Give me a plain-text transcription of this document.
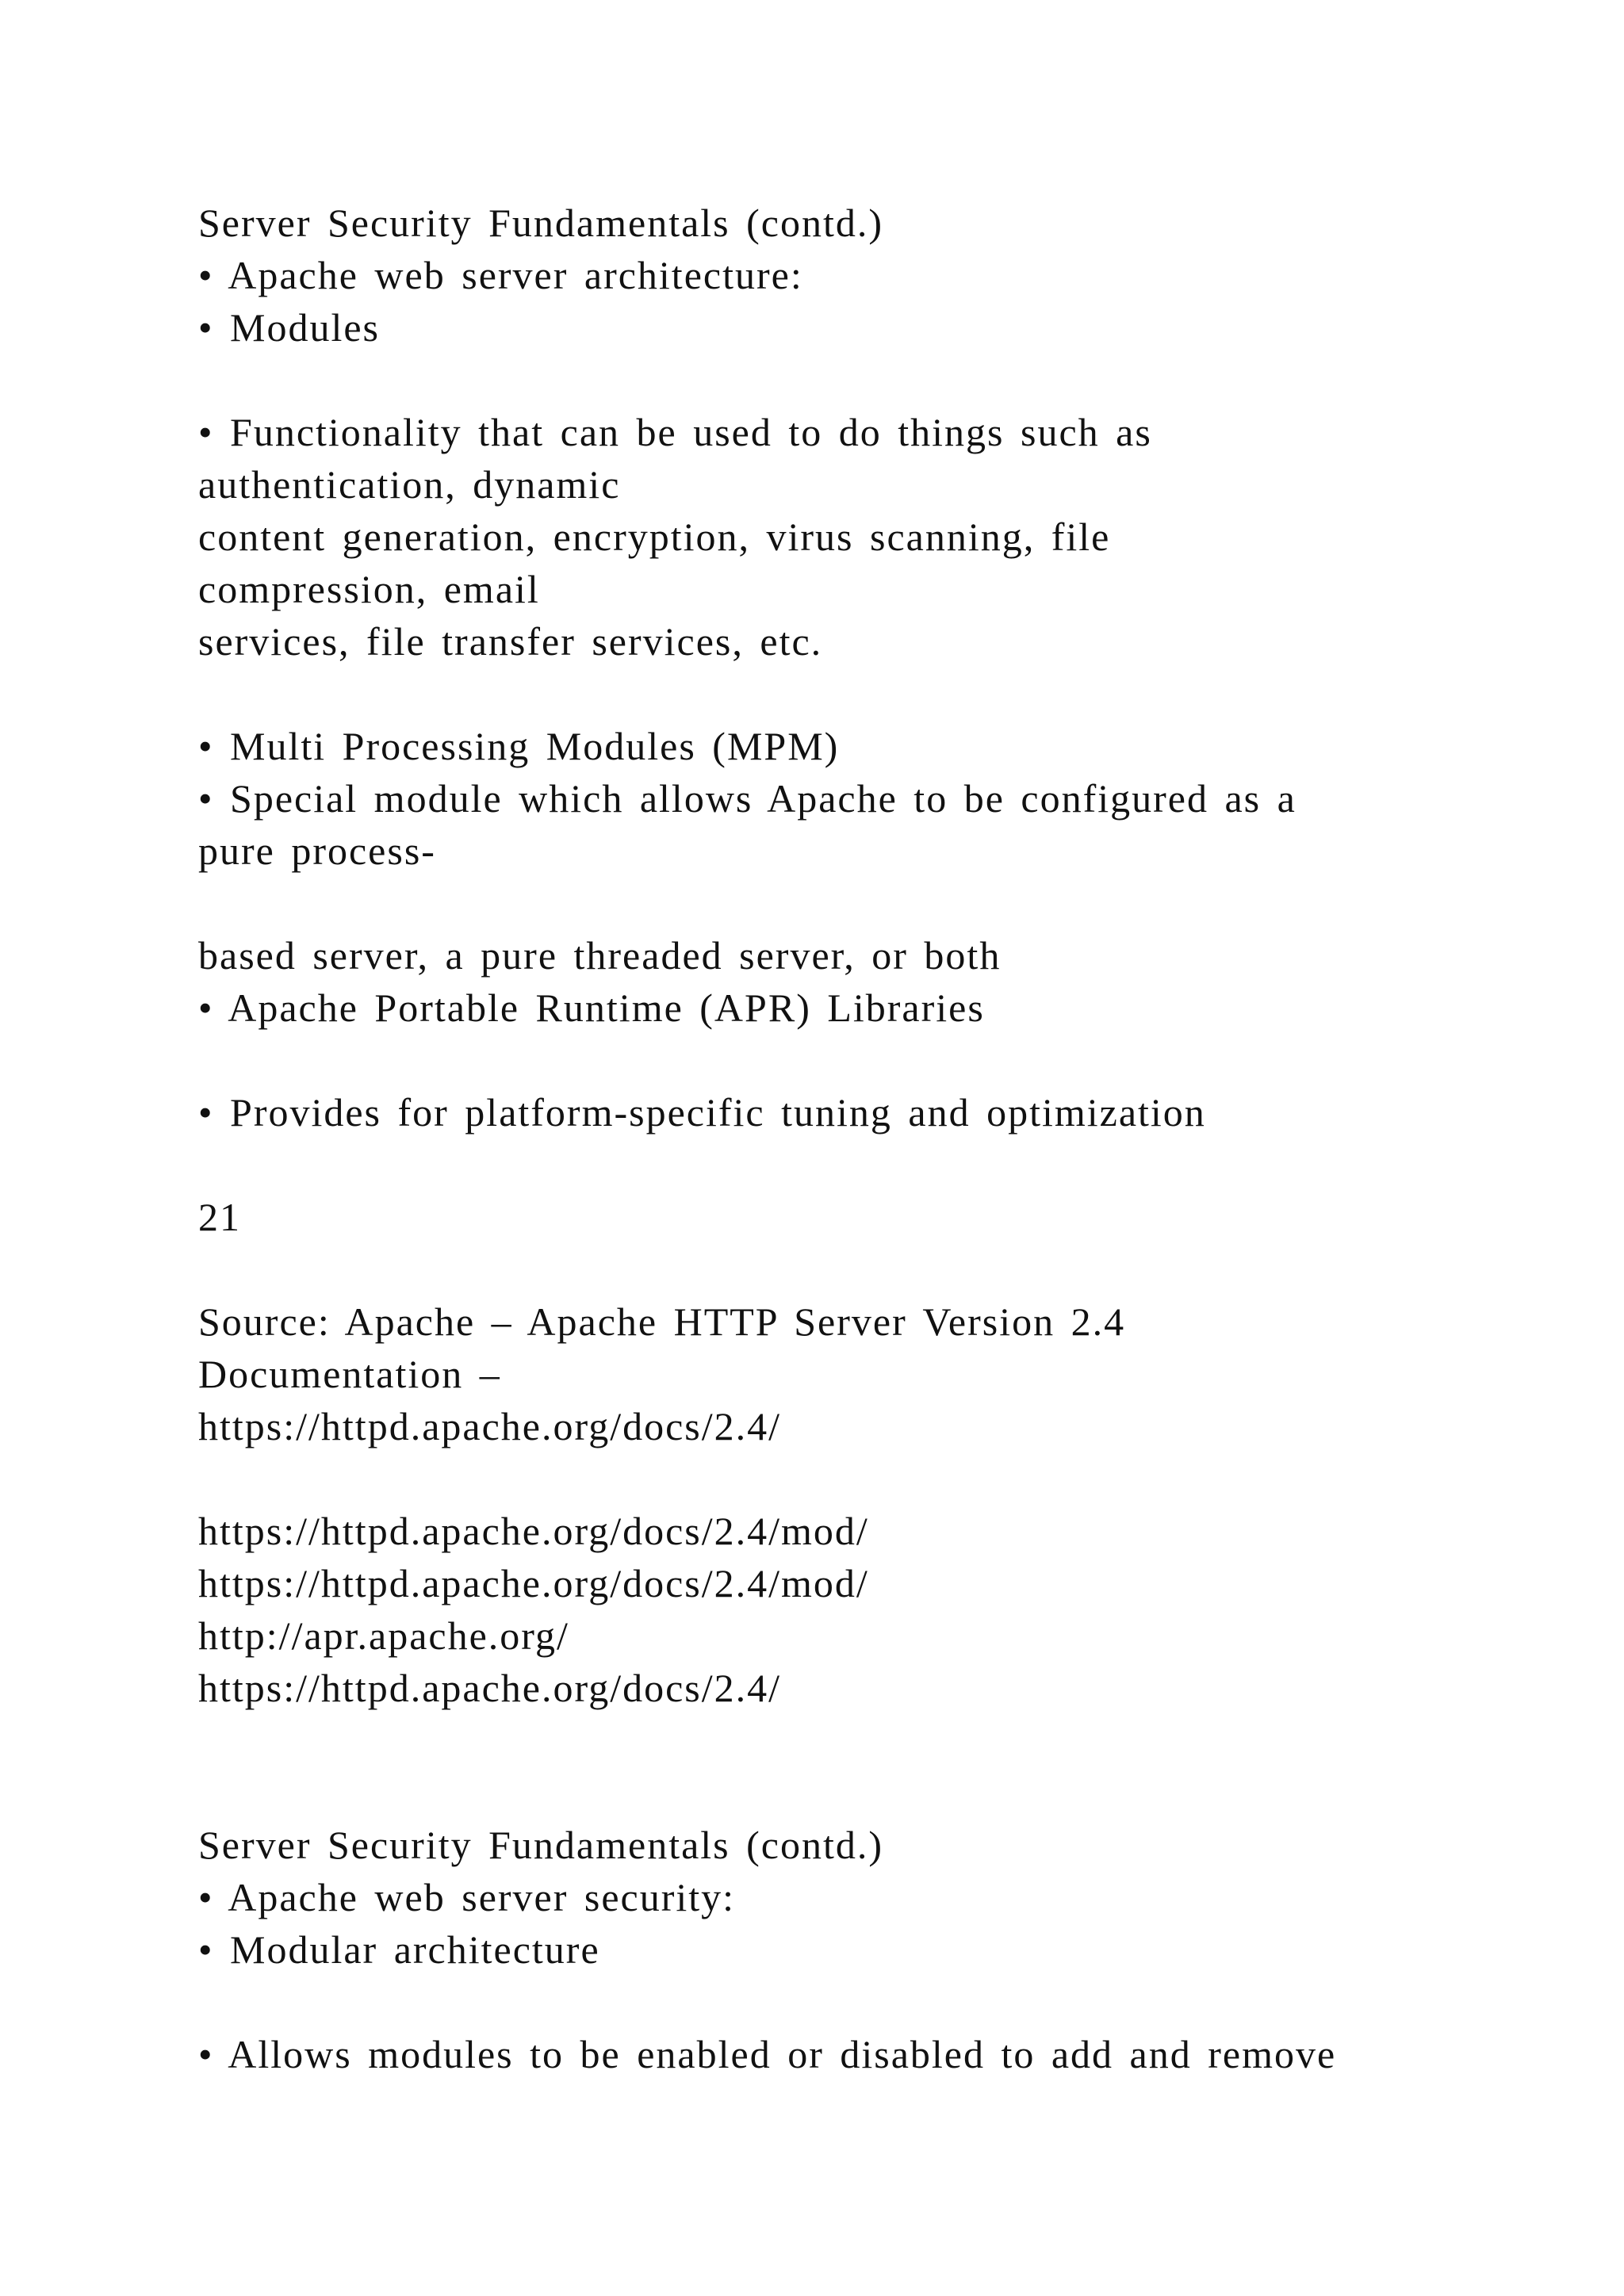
Server Security Fundamentals (contd.)
• Apache web server architecture:
• Modules
• Functionality that can be used to do things such as
authentication, dynamic
content generation, encryption, virus scanning, file
compression, email
services, file transfer services, etc.
• Multi Processing Modules (MPM)
• Special module which allows Apache to be configured as a
pure process-
based server, a pure threaded server, or both
• Apache Portable Runtime (APR) Libraries
• Provides for platform-specific tuning and optimization
21
Source: Apache – Apache HTTP Server Version 2.4
Documentation –
https://httpd.apache.org/docs/2.4/
https://httpd.apache.org/docs/2.4/mod/
https://httpd.apache.org/docs/2.4/mod/
http://apr.apache.org/
https://httpd.apache.org/docs/2.4/
Server Security Fundamentals (contd.)
• Apache web server security:
• Modular architecture
• Allows modules to be enabled or disabled to add and remove
